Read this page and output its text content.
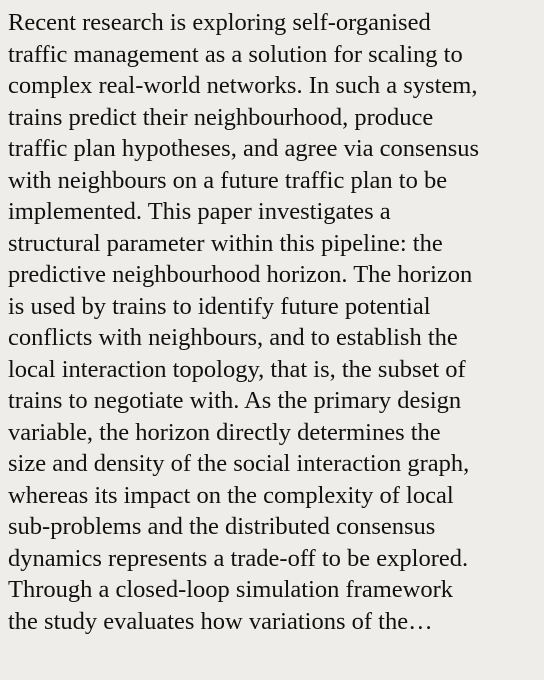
Recent research is exploring self-organised
traffic management as a solution for scaling to
complex real-world networks. In such a system,
trains predict their neighbourhood, produce
traffic plan hypotheses, and agree via consensus
with neighbours on a future traffic plan to be
implemented. This paper investigates a
structural parameter within this pipeline: the
predictive neighbourhood horizon. The horizon
is used by trains to identify future potential
conflicts with neighbours, and to establish the
local interaction topology, that is, the subset of
trains to negotiate with. As the primary design
variable, the horizon directly determines the
size and density of the social interaction graph,
whereas its impact on the complexity of local
sub-problems and the distributed consensus
dynamics represents a trade-off to be explored.
Through a closed-loop simulation framework
the study evaluates how variations of the…
